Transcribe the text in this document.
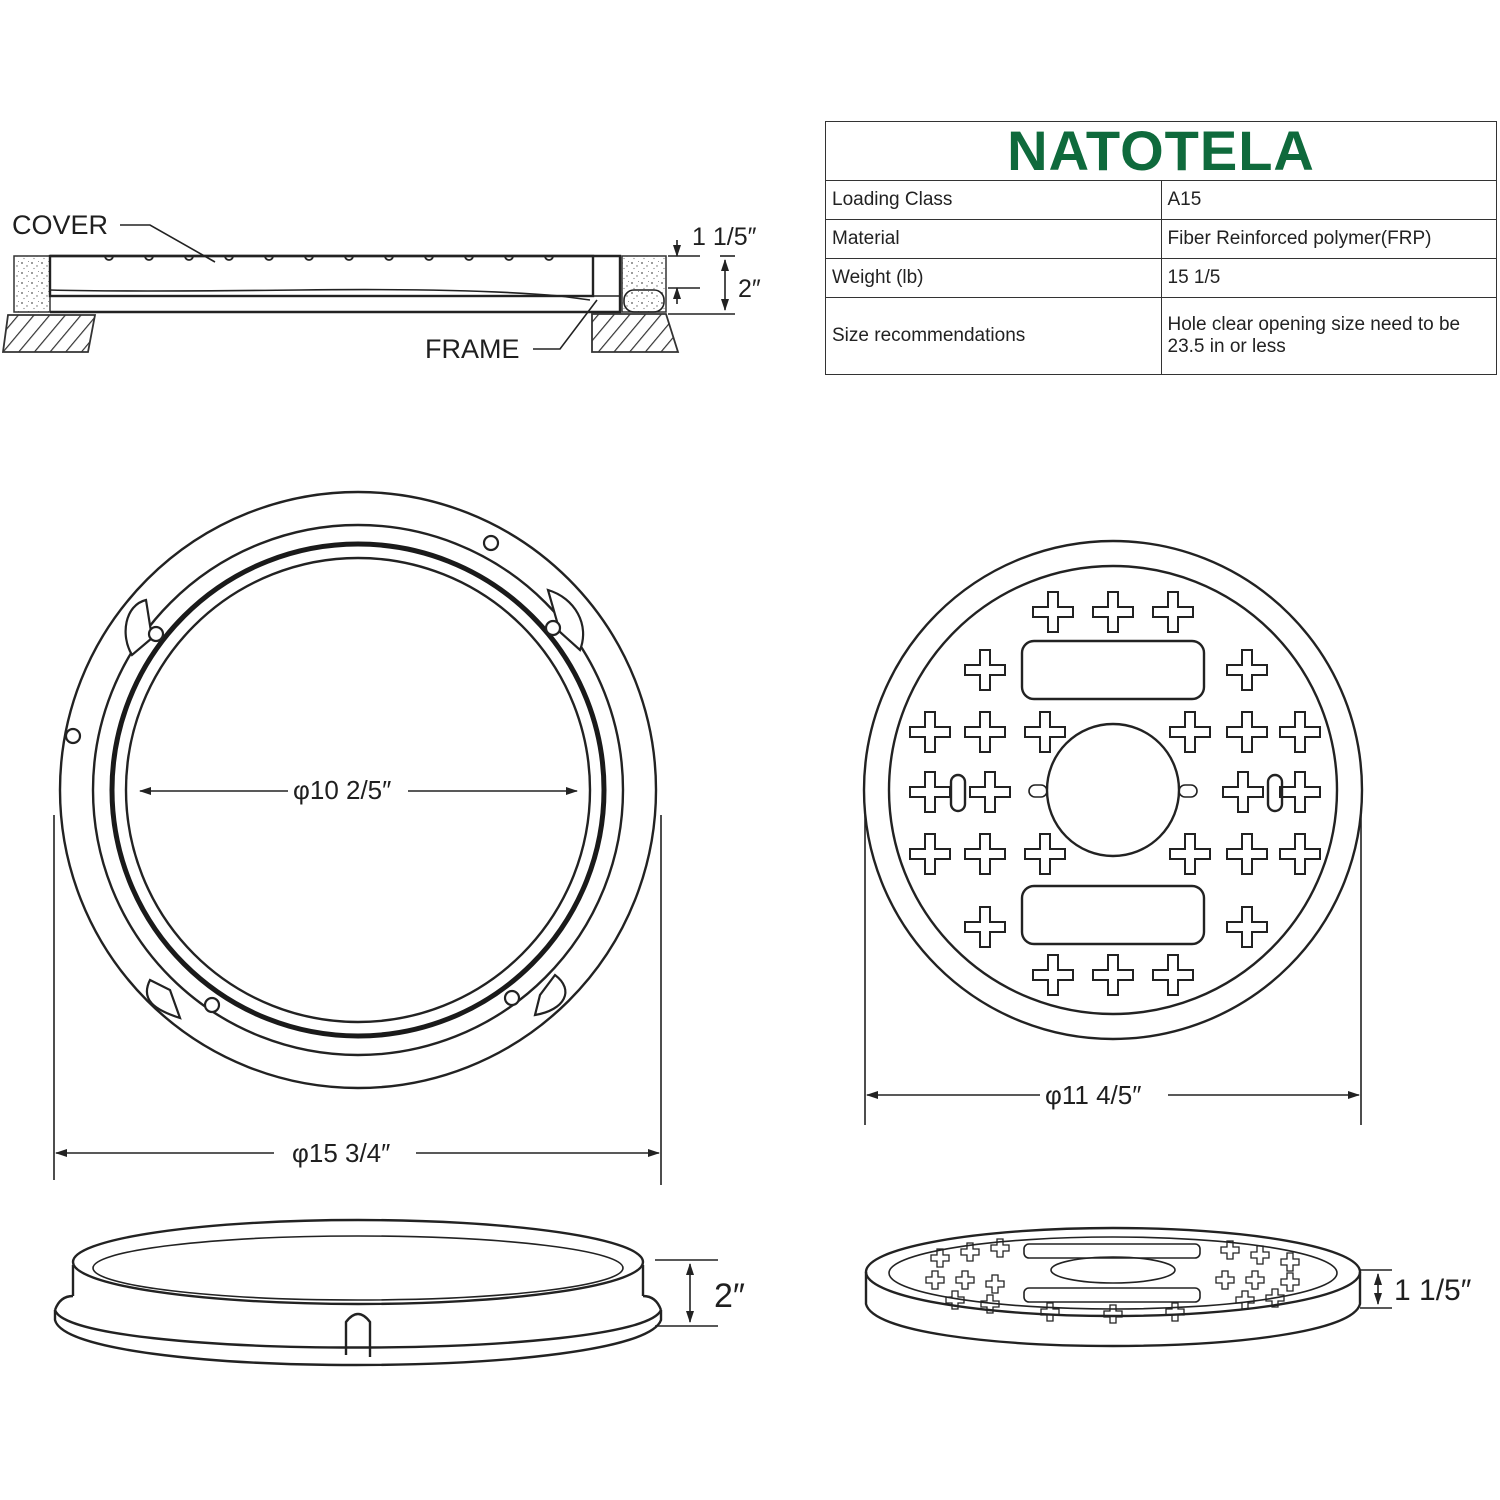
COVER
FRAME
1 1/5″
2″
φ10 2/5″
φ15 3/4″
φ11 4/5″
2″	1 1/5″
NATOTELA	
Loading Class	A15
Material	Fiber Reinforced polymer(FRP)
Weight (lb)	15 1/5
Size recommendations	Hole clear opening size need to be 23.5 in or less
